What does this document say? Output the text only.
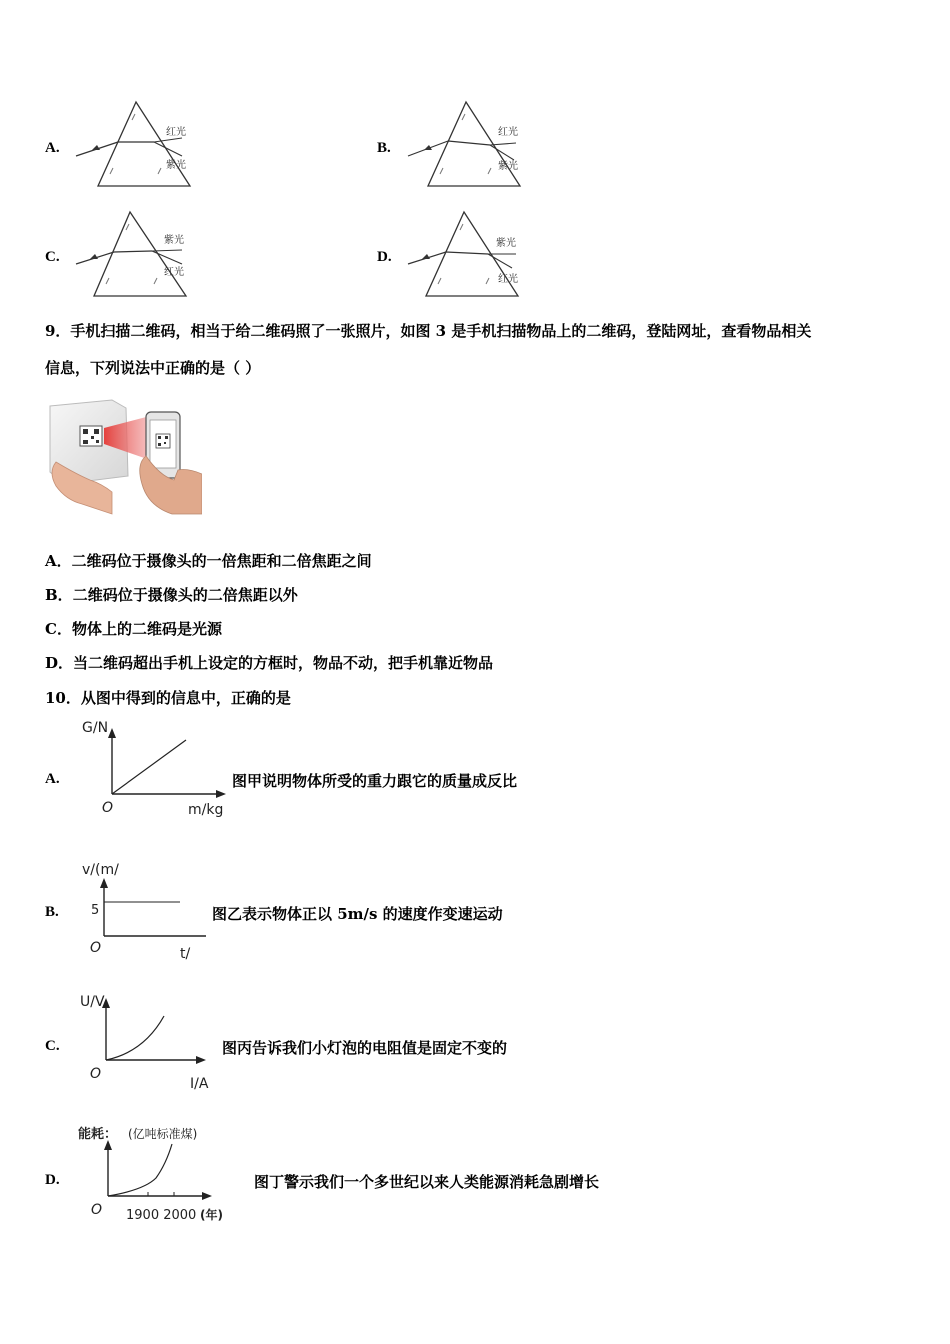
A.
红光
紫光
B.
红光
紫光
C.
紫光
红光
D.
紫光
红光
9．手机扫描二维码，相当于给二维码照了一张照片，如图 3 是手机扫描物品上的二维码，登陆网址，查看物品相关
信息，下列说法中正确的是（ ）
A．二维码位于摄像头的一倍焦距和二倍焦距之间
B．二维码位于摄像头的二倍焦距以外
C．物体上的二维码是光源
D．当二维码超出手机上设定的方框时，物品不动，把手机靠近物品
10．从图中得到的信息中，正确的是
A.
G/N
O	m/kg
图甲说明物体所受的重力跟它的质量成反比
B.
v/(m/
5
O	t/
图乙表示物体正以 5m/s 的速度作变速运动
C.
U/V
O
I/A
图丙告诉我们小灯泡的电阻值是固定不变的
D.
能耗： (亿吨标准煤)
O 1900 2000 (年)
图丁警示我们一个多世纪以来人类能源消耗急剧增长
